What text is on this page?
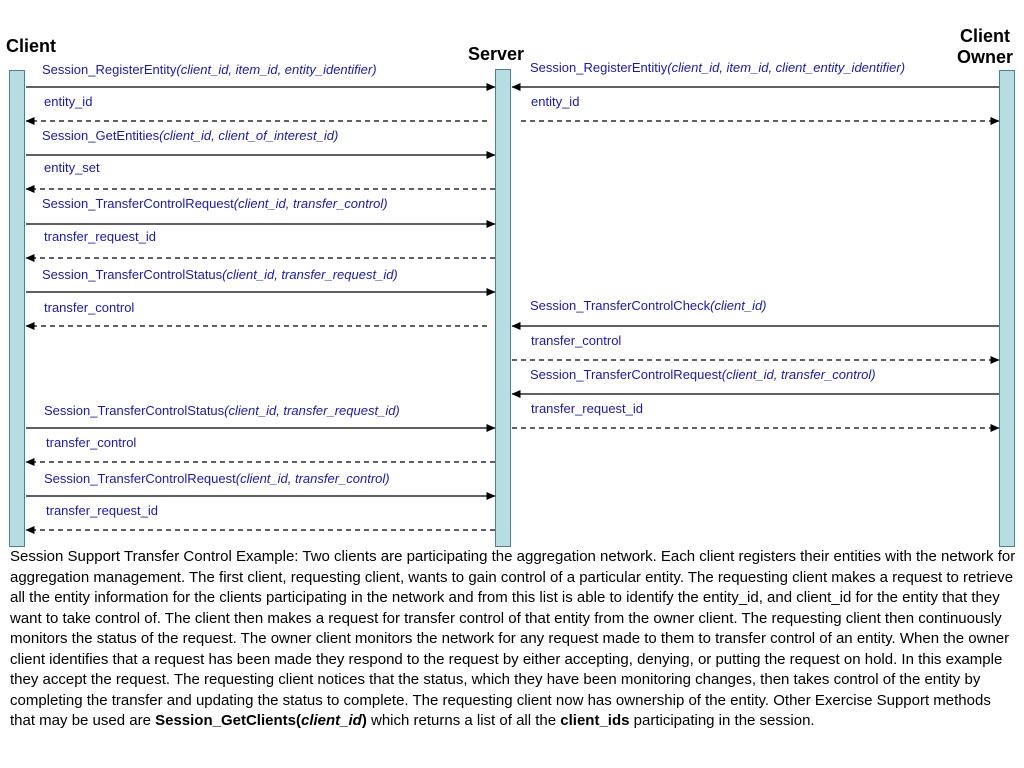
Client	Server
Client
Owner
Session_RegisterEntity(client_id, item_id, entity_identifier)
entity_id
Session_GetEntities(client_id, client_of_interest_id)
entity_set
Session_TransferControlRequest(client_id, transfer_control)
transfer_request_id
Session_TransferControlStatus(client_id, transfer_request_id)
transfer_control
Session_TransferControlStatus(client_id, transfer_request_id)
transfer_control
Session_TransferControlRequest(client_id, transfer_control)
transfer_request_id
Session_RegisterEntitiy(client_id, item_id, client_entity_identifier)
entity_id
Session_TransferControlCheck(client_id)
transfer_control
Session_TransferControlRequest(client_id, transfer_control)
transfer_request_id
Session Support Transfer Control Example: Two clients are participating the aggregation network. Each client registers their entities with the network for aggregation management. The first client, requesting client, wants to gain control of a particular entity. The requesting client makes a request to retrieve all the entity information for the clients participating in the network and from this list is able to identify the entity_id, and client_id for the entity that they want to take control of. The client then makes a request for transfer control of that entity from the owner client. The requesting client then continuously monitors the status of the request. The owner client monitors the network for any request made to them to transfer control of an entity. When the owner client identifies that a request has been made they respond to the request by either accepting, denying, or putting the request on hold. In this example they accept the request. The requesting client notices that the status, which they have been monitoring changes, then takes control of the entity by completing the transfer and updating the status to complete. The requesting client now has ownership of the entity. Other Exercise Support methods that may be used are Session_GetClients(client_id) which returns a list of all the client_ids participating in the session.
